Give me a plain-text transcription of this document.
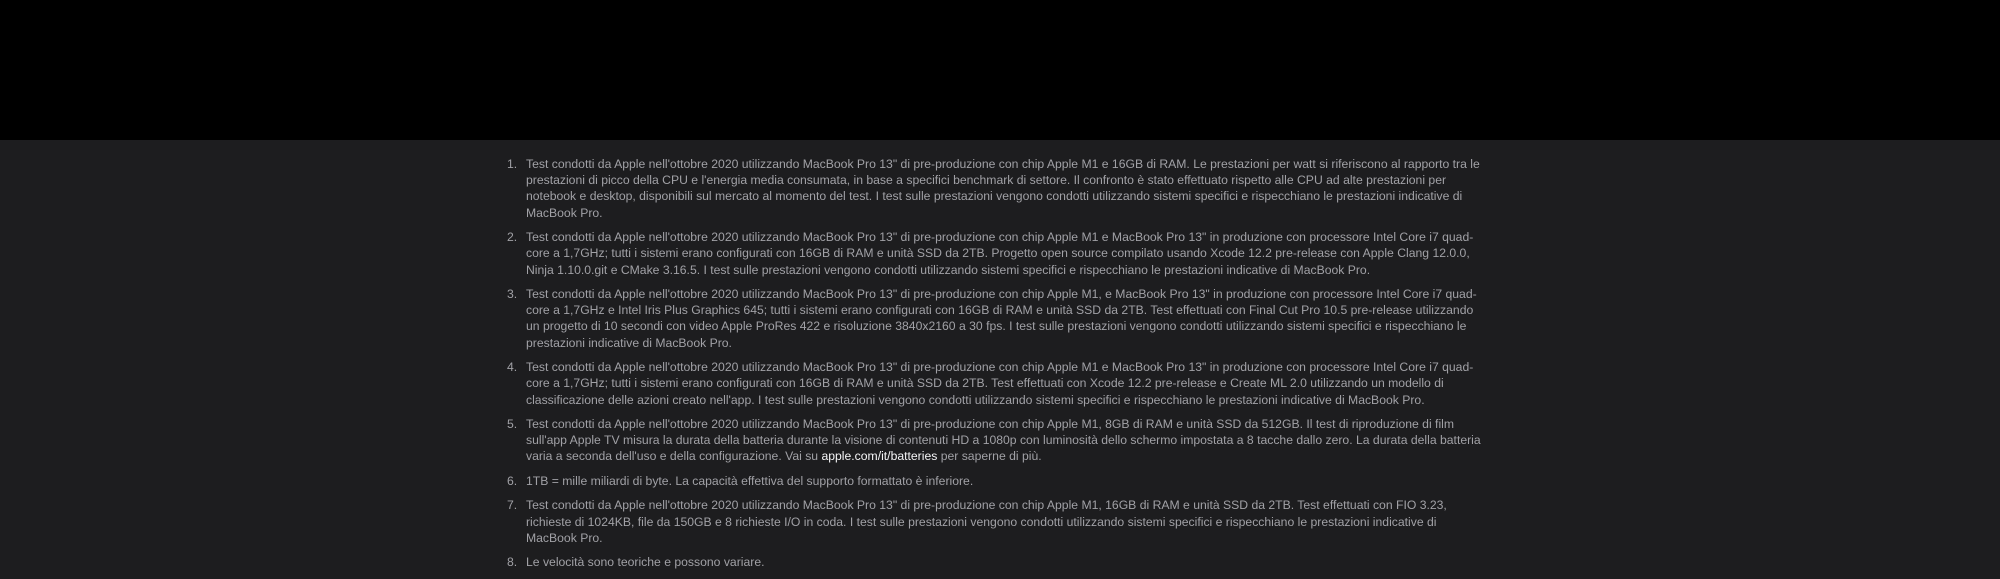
1. Test condotti da Apple nell'ottobre 2020 utilizzando MacBook Pro 13" di pre-produzione con chip Apple M1 e 16GB di RAM. Le prestazioni per watt si riferiscono al rapporto tra le prestazioni di picco della CPU e l'energia media consumata, in base a specifici benchmark di settore. Il confronto è stato effettuato rispetto alle CPU ad alte prestazioni per notebook e desktop, disponibili sul mercato al momento del test. I test sulle prestazioni vengono condotti utilizzando sistemi specifici e rispecchiano le prestazioni indicative di MacBook Pro.
2. Test condotti da Apple nell'ottobre 2020 utilizzando MacBook Pro 13" di pre-produzione con chip Apple M1 e MacBook Pro 13" in produzione con processore Intel Core i7 quad-core a 1,7GHz; tutti i sistemi erano configurati con 16GB di RAM e unità SSD da 2TB. Progetto open source compilato usando Xcode 12.2 pre-release con Apple Clang 12.0.0, Ninja 1.10.0.git e CMake 3.16.5. I test sulle prestazioni vengono condotti utilizzando sistemi specifici e rispecchiano le prestazioni indicative di MacBook Pro.
3. Test condotti da Apple nell'ottobre 2020 utilizzando MacBook Pro 13" di pre-produzione con chip Apple M1, e MacBook Pro 13" in produzione con processore Intel Core i7 quad-core a 1,7GHz e Intel Iris Plus Graphics 645; tutti i sistemi erano configurati con 16GB di RAM e unità SSD da 2TB. Test effettuati con Final Cut Pro 10.5 pre-release utilizzando un progetto di 10 secondi con video Apple ProRes 422 e risoluzione 3840x2160 a 30 fps. I test sulle prestazioni vengono condotti utilizzando sistemi specifici e rispecchiano le prestazioni indicative di MacBook Pro.
4. Test condotti da Apple nell'ottobre 2020 utilizzando MacBook Pro 13" di pre-produzione con chip Apple M1 e MacBook Pro 13" in produzione con processore Intel Core i7 quad-core a 1,7GHz; tutti i sistemi erano configurati con 16GB di RAM e unità SSD da 2TB. Test effettuati con Xcode 12.2 pre-release e Create ML 2.0 utilizzando un modello di classificazione delle azioni creato nell'app. I test sulle prestazioni vengono condotti utilizzando sistemi specifici e rispecchiano le prestazioni indicative di MacBook Pro.
5. Test condotti da Apple nell'ottobre 2020 utilizzando MacBook Pro 13" di pre-produzione con chip Apple M1, 8GB di RAM e unità SSD da 512GB. Il test di riproduzione di film sull'app Apple TV misura la durata della batteria durante la visione di contenuti HD a 1080p con luminosità dello schermo impostata a 8 tacche dallo zero. La durata della batteria varia a seconda dell'uso e della configurazione. Vai su apple.com/it/batteries per saperne di più.
6. 1TB = mille miliardi di byte. La capacità effettiva del supporto formattato è inferiore.
7. Test condotti da Apple nell'ottobre 2020 utilizzando MacBook Pro 13" di pre-produzione con chip Apple M1, 16GB di RAM e unità SSD da 2TB. Test effettuati con FIO 3.23, richieste di 1024KB, file da 150GB e 8 richieste I/O in coda. I test sulle prestazioni vengono condotti utilizzando sistemi specifici e rispecchiano le prestazioni indicative di MacBook Pro.
8. Le velocità sono teoriche e possono variare.
